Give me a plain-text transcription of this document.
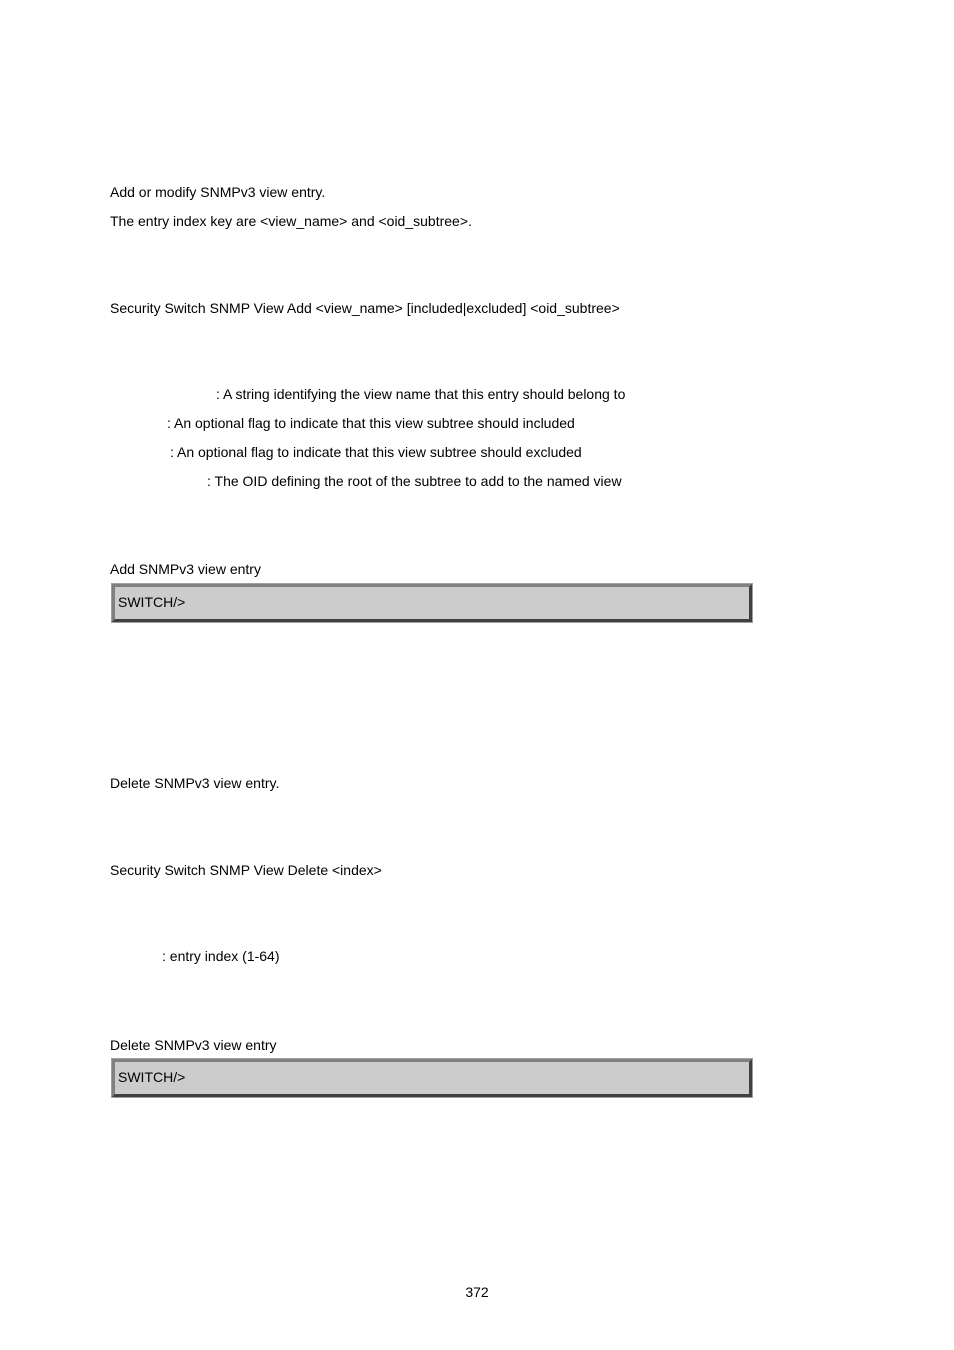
Add or modify SNMPv3 view entry.
The entry index key are <view_name> and <oid_subtree>.
Security Switch SNMP View Add <view_name> [included|excluded] <oid_subtree>
: A string identifying the view name that this entry should belong to
: An optional flag to indicate that this view subtree should included
: An optional flag to indicate that this view subtree should excluded
: The OID defining the root of the subtree to add to the named view
Add SNMPv3 view entry
SWITCH/>
Delete SNMPv3 view entry.
Security Switch SNMP View Delete <index>
: entry index (1-64)
Delete SNMPv3 view entry
SWITCH/>
372
